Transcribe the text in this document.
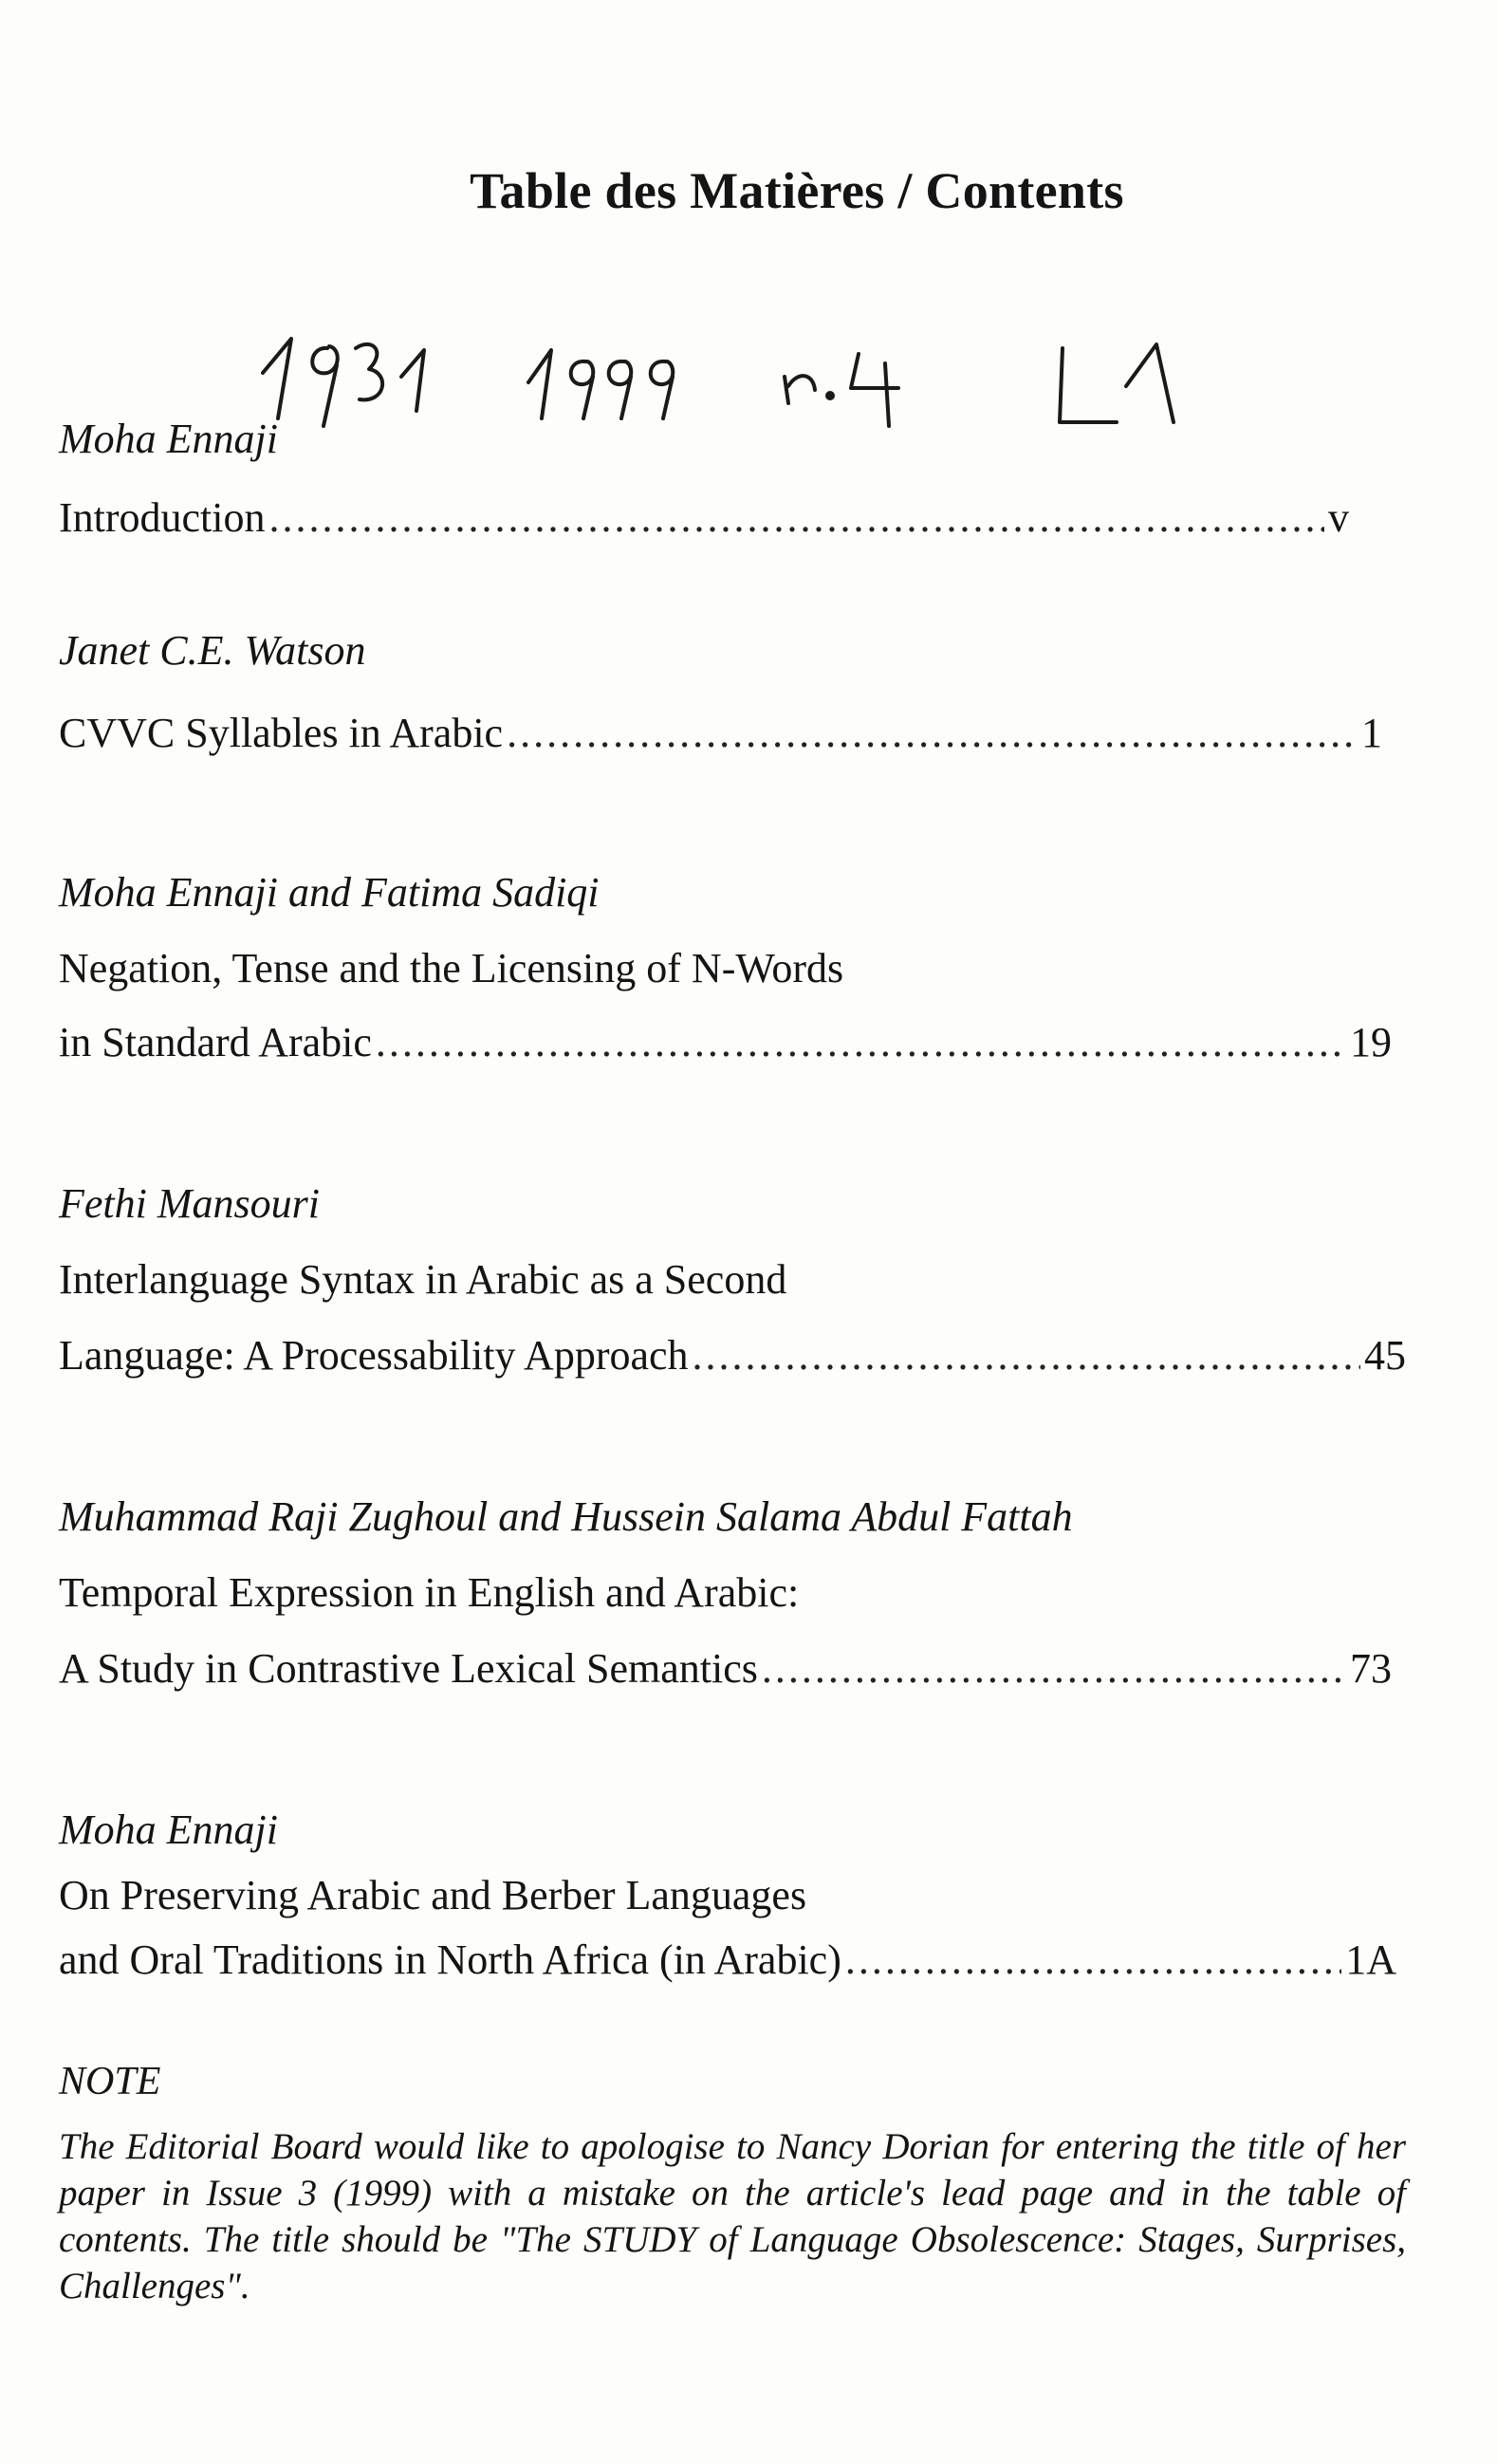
Table des Matières / Contents
Moha Ennaji
Introduction .....	v
Janet C.E. Watson
CVVC Syllables in Arabic .....	1
Moha Ennaji and Fatima Sadiqi
Negation, Tense and the Licensing of N-Words
in Standard Arabic .....	19
Fethi Mansouri
Interlanguage Syntax in Arabic as a Second
Language: A Processability Approach .....	45
Muhammad Raji Zughoul and Hussein Salama Abdul Fattah
Temporal Expression in English and Arabic:
A Study in Contrastive Lexical Semantics .....	73
Moha Ennaji
On Preserving Arabic and Berber Languages
and Oral Traditions in North Africa (in Arabic) .....	1A
NOTE
The Editorial Board would like to apologise to Nancy Dorian for entering the title of her paper in Issue 3 (1999) with a mistake on the article's lead page and in the table of contents. The title should be "The STUDY of Language Obsolescence: Stages, Surprises, Challenges".
